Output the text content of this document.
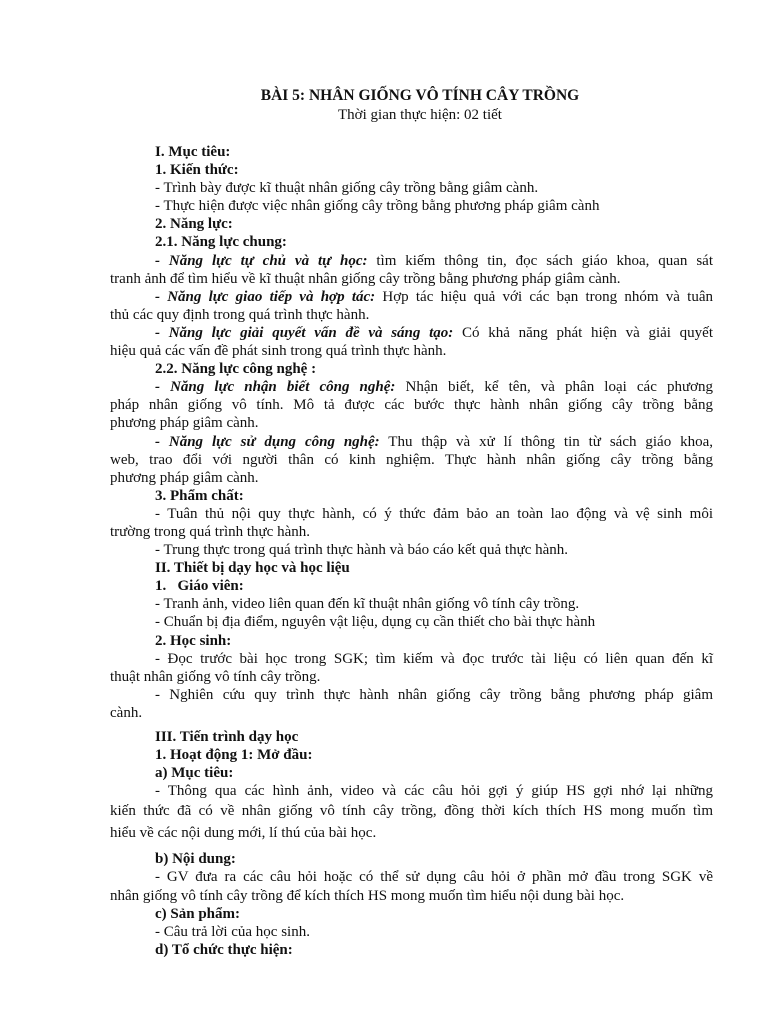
BÀI 5: NHÂN GIỐNG VÔ TÍNH CÂY TRỒNG
Thời gian thực hiện: 02 tiết
I. Mục tiêu:
1. Kiến thức:
- Trình bày được kĩ thuật nhân giống cây trồng bằng giâm cành.
- Thực hiện được việc nhân giống cây trồng bằng phương pháp giâm cành
2. Năng lực:
2.1. Năng lực chung:
- Năng lực tự chủ và tự học: tìm kiếm thông tin, đọc sách giáo khoa, quan sát
tranh ảnh để tìm hiểu về kĩ thuật nhân giống cây trồng bằng phương pháp giâm cành.
- Năng lực giao tiếp và hợp tác: Hợp tác hiệu quả với các bạn trong nhóm và tuân
thủ các quy định trong quá trình thực hành.
- Năng lực giải quyết vấn đề và sáng tạo: Có khả năng phát hiện và giải quyết
hiệu quả các vấn đề phát sinh trong quá trình thực hành.
2.2. Năng lực công nghệ :
- Năng lực nhận biết công nghệ: Nhận biết, kể tên, và phân loại các phương
pháp nhân giống vô tính. Mô tả được các bước thực hành nhân giống cây trồng bằng
phương pháp giâm cành.
- Năng lực sử dụng công nghệ: Thu thập và xử lí thông tin từ sách giáo khoa,
web, trao đổi với người thân có kinh nghiệm. Thực hành nhân giống cây trồng bằng
phương pháp giâm cành.
3. Phẩm chất:
- Tuân thủ nội quy thực hành, có ý thức đảm bảo an toàn lao động và vệ sinh môi
trường trong quá trình thực hành.
- Trung thực trong quá trình thực hành và báo cáo kết quả thực hành.
II. Thiết bị dạy học và học liệu
1.   Giáo viên:
- Tranh ảnh, video liên quan đến kĩ thuật nhân giống vô tính cây trồng.
- Chuẩn bị địa điểm, nguyên vật liệu, dụng cụ cần thiết cho bài thực hành
2. Học sinh:
- Đọc trước bài học trong SGK; tìm kiếm và đọc trước tài liệu có liên quan đến kĩ
thuật nhân giống vô tính cây trồng.
- Nghiên cứu quy trình thực hành nhân giống cây trồng bằng phương pháp giâm
cành.
III. Tiến trình dạy học
1. Hoạt động 1: Mở đầu:
a) Mục tiêu:
- Thông qua các hình ảnh, video và các câu hỏi gợi ý giúp HS gợi nhớ lại những
kiến thức đã có về nhân giống vô tính cây trồng, đồng thời kích thích HS mong muốn tìm
hiểu về các nội dung mới, lí thú của bài học.
b) Nội dung:
- GV đưa ra các câu hỏi hoặc có thể sử dụng câu hỏi ở phần mở đầu trong SGK về
nhân giống vô tính cây trồng để kích thích HS mong muốn tìm hiểu nội dung bài học.
c) Sản phẩm:
- Câu trả lời của học sinh.
d) Tổ chức thực hiện:
